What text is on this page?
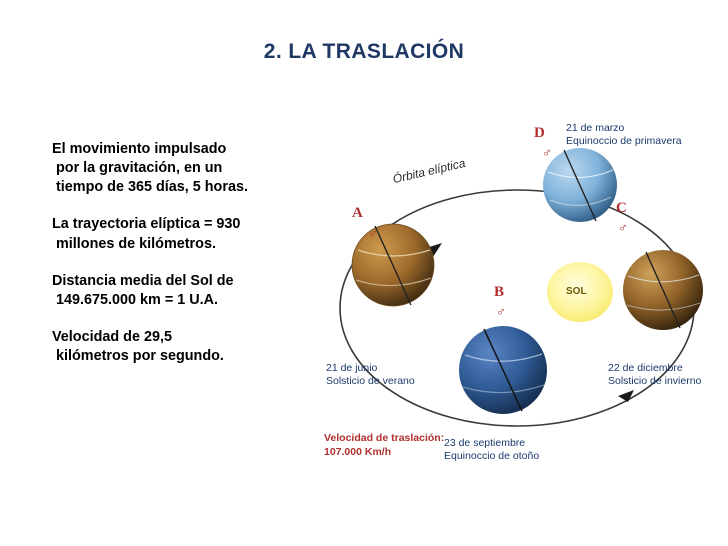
2. LA TRASLACIÓN
El movimiento impulsado
por la gravitación, en un
tiempo de 365 días, 5 horas.
La trayectoria elíptica = 930
millones de kilómetros.
Distancia media del Sol de
149.675.000 km = 1 U.A.
Velocidad de 29,5
kilómetros por segundo.
Órbita elíptica
SOL
A
♂
21 de junio
Solsticio de verano
B
♂
23 de septiembre
Equinoccio de otoño
C
♂
22 de diciembre
Solsticio de invierno
D
♂
21 de marzo
Equinoccio de primavera
Velocidad de traslación:
107.000 Km/h
